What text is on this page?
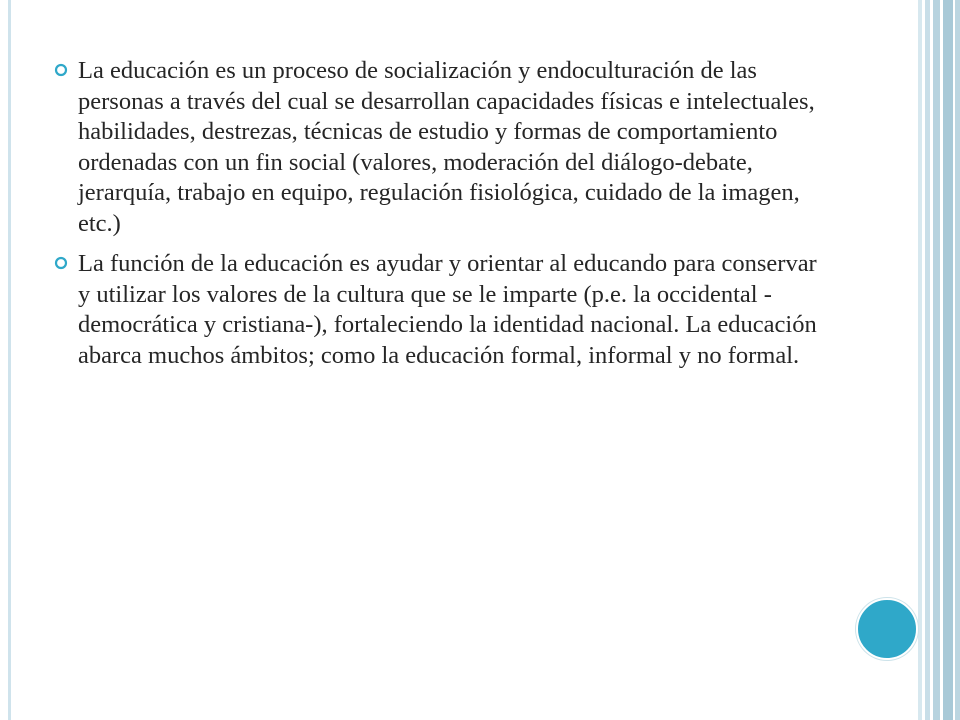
La educación es un proceso de socialización y endoculturación de las personas a través del cual se desarrollan capacidades físicas e intelectuales, habilidades, destrezas, técnicas de estudio y formas de comportamiento ordenadas con un fin social (valores, moderación del diálogo-debate, jerarquía, trabajo en equipo, regulación fisiológica, cuidado de la imagen, etc.)
La función de la educación es ayudar y orientar al educando para conservar y utilizar los valores de la cultura que se le imparte (p.e. la occidental -democrática y cristiana-), fortaleciendo la identidad nacional. La educación abarca muchos ámbitos; como la educación formal, informal y no formal.
